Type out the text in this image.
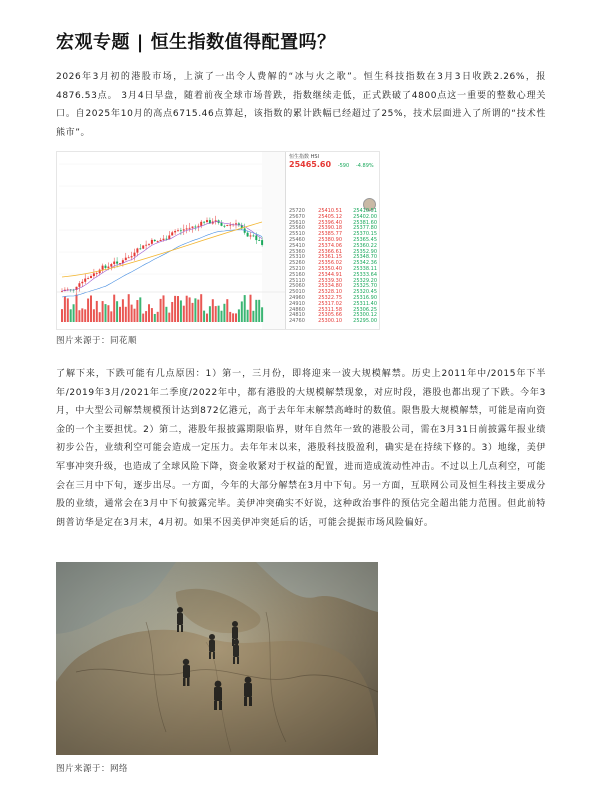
宏观专题 | 恒生指数值得配置吗？

2026年3月初的港股市场，上演了一出令人费解的“冰与火之歌”。恒生科技指数在3月3日收跌2.26%，报4876.53点。 3月4日早盘，随着前夜全球市场普跌，指数继续走低，正式跌破了4800点这一重要的整数心理关口。自2025年10月的高点6715.46点算起，该指数的累计跌幅已经超过了25%，技术层面进入了所谓的“技术性熊市”。

恒生指数 HSI
25465.60 -590 -4.89%
25720	25410.51	25410.51
25670	25405.12	25402.00
25610	25396.40	25381.60
25560	25390.18	25377.80
25510	25385.77	25370.15
25460	25380.90	25365.45
25410	25374.06	25360.22
25360	25366.61	25352.90
25310	25361.15	25348.70
25260	25356.02	25342.36
25210	25350.40	25338.11
25160	25344.91	25333.64
25110	25339.30	25329.20
25060	25334.80	25325.70
25010	25328.10	25320.45
24960	25322.75	25316.90
24910	25317.02	25311.40
24860	25311.58	25306.25
24810	25305.66	25300.12
24760	25300.10	25295.00
图片来源于：同花顺

了解下来，下跌可能有几点原因：1）第一，三月份，即将迎来一波大规模解禁。历史上2011年中/2015年下半年/2019年3月/2021年二季度/2022年中，都有港股的大规模解禁现象，对应时段，港股也都出现了下跌。今年3月，中大型公司解禁规模预计达到872亿港元，高于去年年末解禁高峰时的数值。限售股大规模解禁，可能是南向资金的一个主要担忧。2）第二，港股年报披露期限临界，财年自然年一致的港股公司，需在3月31日前披露年报业绩初步公告，业绩利空可能会造成一定压力。去年年末以来，港股科技股盈利，确实是在持续下修的。3）地缘，美伊军事冲突升级，也造成了全球风险下降，资金收紧对于权益的配置，进而造成流动性冲击。不过以上几点利空，可能会在三月中下旬，逐步出尽。一方面，今年的大部分解禁在3月中下旬。另一方面，互联网公司及恒生科技主要成分股的业绩，通常会在3月中下旬披露完毕。美伊冲突确实不好说，这种政治事件的预估完全超出能力范围。但此前特朗普访华是定在3月末，4月初。如果不因美伊冲突延后的话，可能会提振市场风险偏好。

图片来源于：网络
